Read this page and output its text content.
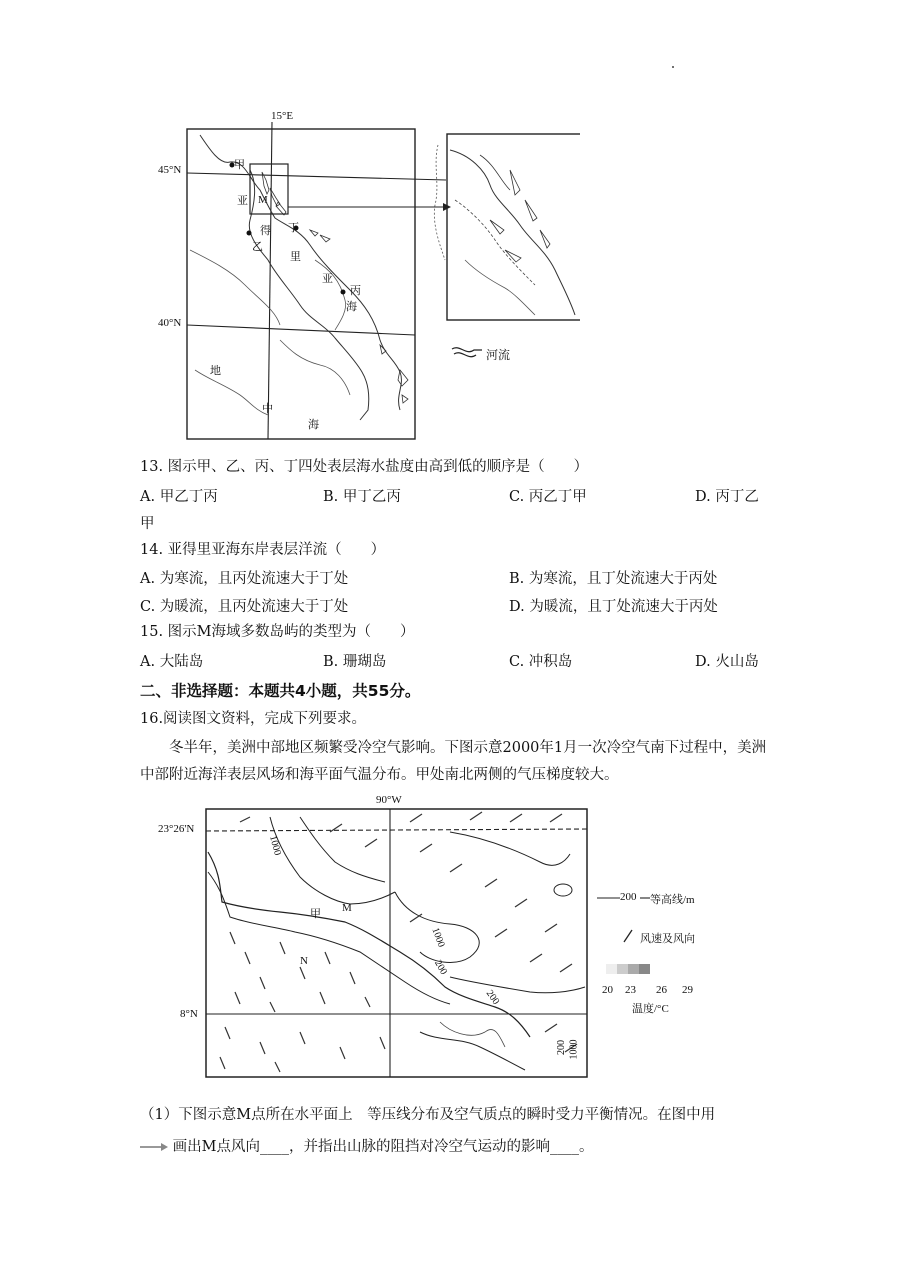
15°E
45°N
40°N
甲
亚 M
得
乙
丁
里
亚
丙
海
地
中
海
河流
13. 图示甲、乙、丙、丁四处表层海水盐度由高到低的顺序是（　　）
A. 甲乙丁丙	B. 甲丁乙丙	C. 丙乙丁甲	D. 丙丁乙
甲
14. 亚得里亚海东岸表层洋流（　　）
A. 为寒流，且丙处流速大于丁处	B. 为寒流，且丁处流速大于丙处
C. 为暖流，且丙处流速大于丁处	D. 为暖流，且丁处流速大于丙处
15. 图示M海域多数岛屿的类型为（　　）
A. 大陆岛	B. 珊瑚岛	C. 冲积岛	D. 火山岛
二、非选择题：本题共4小题，共55分。
16.阅读图文资料，完成下列要求。
冬半年，美洲中部地区频繁受冷空气影响。下图示意2000年1月一次冷空气南下过程中，美洲中部附近海洋表层风场和海平面气温分布。甲处南北两侧的气压梯度较大。
90°W
23°26'N
8°N
甲 M
N
1000
1000
200
200
200 1000
200 等高线/m
风速及风向
20 23 26 29
温度/°C
（1）下图示意M点所在水平面上　等压线分布及空气质点的瞬时受力平衡情况。在图中用
画出M点风向____，并指出山脉的阻挡对冷空气运动的影响____。
